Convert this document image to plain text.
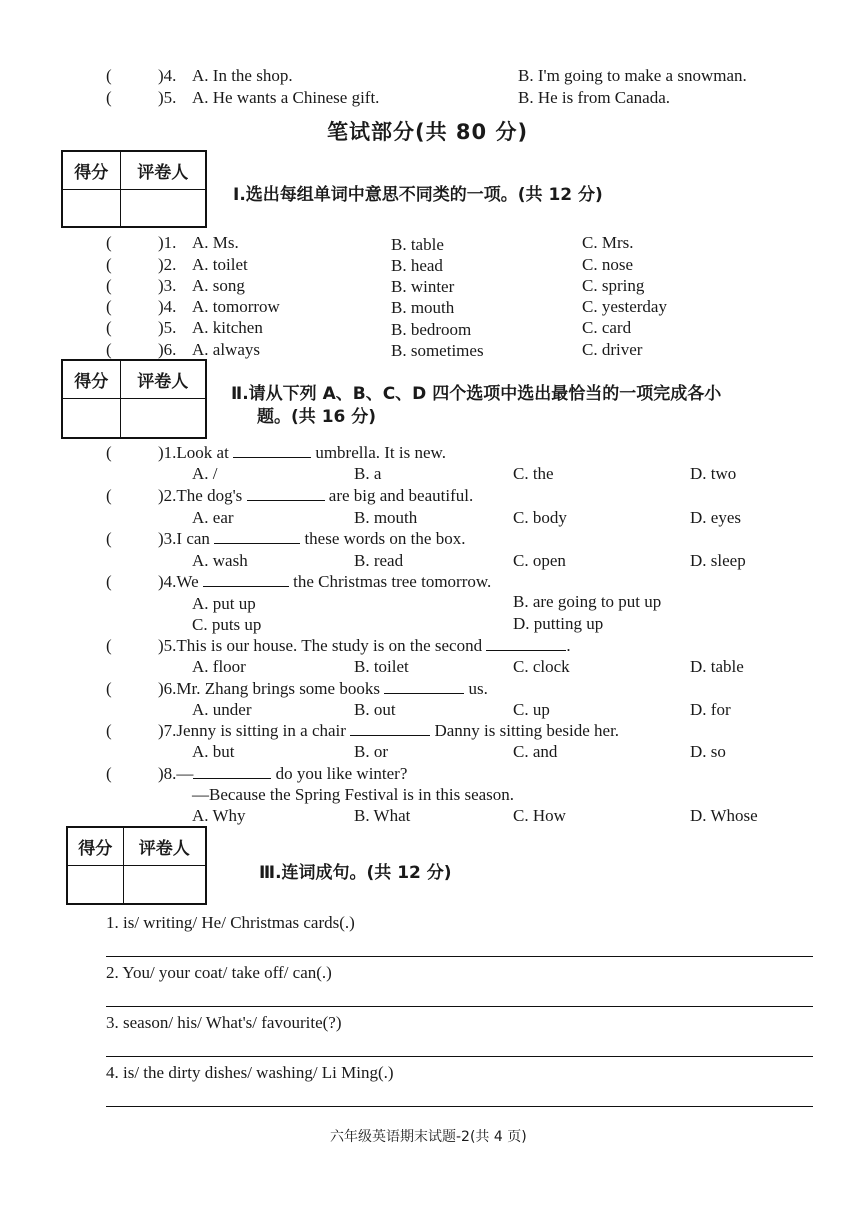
( )4. A. In the shop.	B. I'm going to make a snowman.
( )5. A. He wants a Chinese gift.	B. He is from Canada.
笔试部分(共 80 分)
得分	评卷人

Ⅰ.选出每组单词中意思不同类的一项。(共 12 分)
(	)1. A. Ms.	B. table	C. Mrs.
(	)2. A. toilet	B. head	C. nose
(	)3. A. song	B. winter	C. spring
(	)4. A. tomorrow	B. mouth	C. yesterday
(	)5. A. kitchen	B. bedroom	C. card
(	)6. A. always	B. sometimes	C. driver
得分	评卷人

Ⅱ.请从下列 A、B、C、D 四个选项中选出最恰当的一项完成各小
题。(共 16 分)
(	)1.Look at	umbrella. It is new.
A. /	B. a	C. the	D. two
(	)2.The dog's	are big and beautiful.
A. ear	B. mouth	C. body	D. eyes
(	)3.I can	these words on the box.
A. wash	B. read	C. open	D. sleep
(	)4.We	the Christmas tree tomorrow.
A. put up	B. are going to put up
C. puts up	D. putting up
(	)5.This is our house. The study is on the second	.
A. floor	B. toilet	C. clock	D. table
(	)6.Mr. Zhang brings some books	us.
A. under	B. out	C. up	D. for
(	)7.Jenny is sitting in a chair	Danny is sitting beside her.
A. but	B. or	C. and	D. so
(	)8.—	do you like winter?
—Because the Spring Festival is in this season.
A. Why	B. What	C. How	D. Whose
得分	评卷人

Ⅲ.连词成句。(共 12 分)
1. is/ writing/ He/ Christmas cards(.)
2. You/ your coat/ take off/ can(.)
3. season/ his/ What's/ favourite(?)
4. is/ the dirty dishes/ washing/ Li Ming(.)
六年级英语期末试题-2(共 4 页)
